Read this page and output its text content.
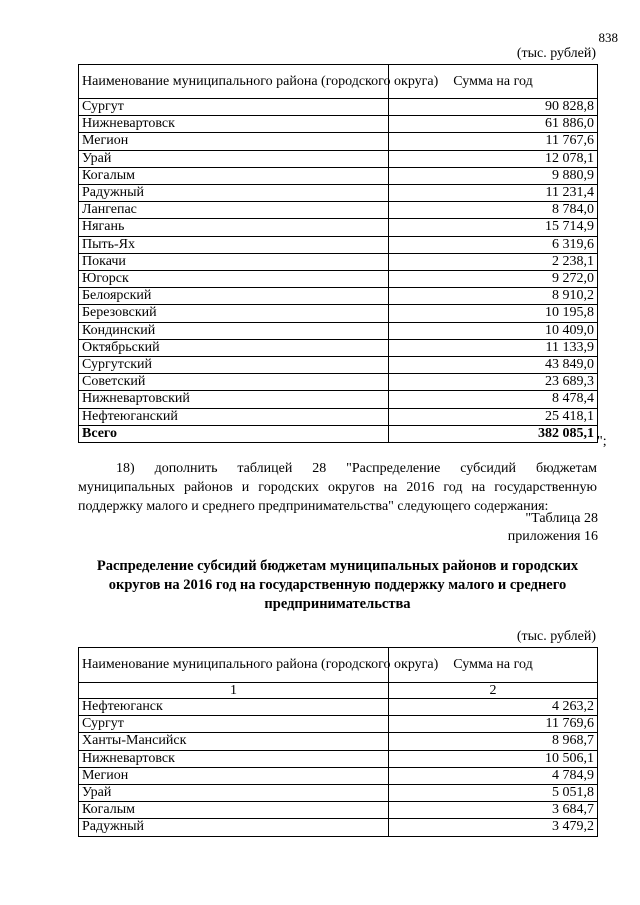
838
(тыс. рублей)
Наименование муниципального района (городского округа)	Сумма на год
Сургут	90 828,8
Нижневартовск	61 886,0
Мегион	11 767,6
Урай	12 078,1
Когалым	9 880,9
Радужный	11 231,4
Лангепас	8 784,0
Нягань	15 714,9
Пыть-Ях	6 319,6
Покачи	2 238,1
Югорск	9 272,0
Белоярский	8 910,2
Березовский	10 195,8
Кондинский	10 409,0
Октябрьский	11 133,9
Сургутский	43 849,0
Советский	23 689,3
Нижневартовский	8 478,4
Нефтеюганский	25 418,1
Всего	382 085,1
";
18) дополнить таблицей 28 "Распределение субсидий бюджетам муниципальных районов и городских округов на 2016 год на государственную поддержку малого и среднего предпринимательства" следующего содержания:
"Таблица 28
приложения 16
Распределение субсидий бюджетам муниципальных районов и городских округов на 2016 год на государственную поддержку малого и среднего предпринимательства
(тыс. рублей)
Наименование муниципального района (городского округа)	Сумма на год
1	2
Нефтеюганск	4 263,2
Сургут	11 769,6
Ханты-Мансийск	8 968,7
Нижневартовск	10 506,1
Мегион	4 784,9
Урай	5 051,8
Когалым	3 684,7
Радужный	3 479,2
